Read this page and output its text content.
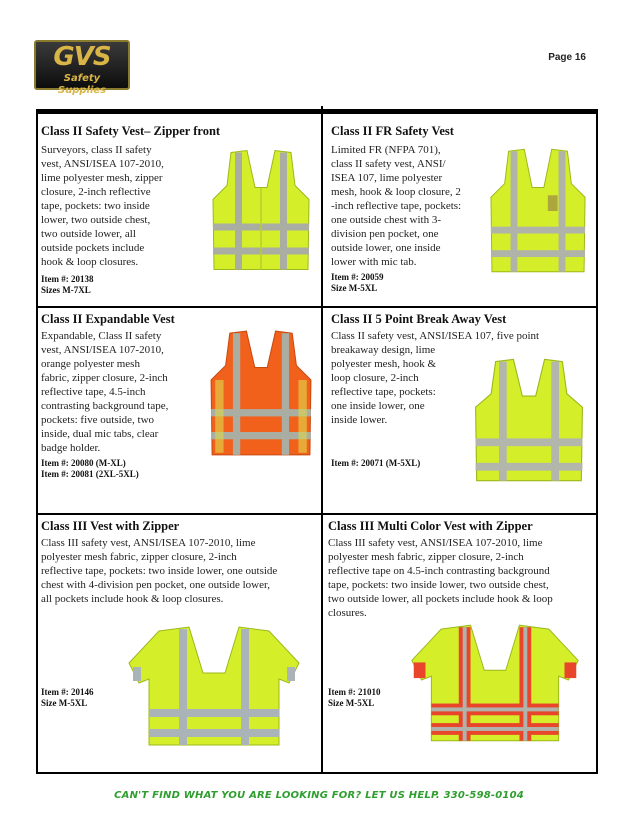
GVS
Safety Supplies
Page 16
Class II Safety Vest– Zipper front
Surveyors, class II safety
vest, ANSI/ISEA 107-2010,
lime polyester mesh, zipper
closure, 2-inch reflective
tape, pockets: two inside
lower, two outside chest,
two outside lower, all
outside pockets include
hook & loop closures.
Item #: 20138
Sizes M-7XL
Class II FR Safety Vest
Limited FR (NFPA 701),
class II safety vest, ANSI/
ISEA 107, lime polyester
mesh, hook & loop closure, 2
-inch reflective tape, pockets:
one outside chest with 3-
division pen pocket, one
outside lower, one inside
lower with mic tab.
Item #: 20059
Size M-5XL
Class II Expandable Vest
Expandable, Class II safety
vest, ANSI/ISEA 107-2010,
orange polyester mesh
fabric, zipper closure, 2-inch
reflective tape, 4.5-inch
contrasting background tape,
pockets: five outside, two
inside, dual mic tabs, clear
badge holder.
Item #: 20080 (M-XL)
Item #: 20081 (2XL-5XL)
Class II 5 Point Break Away Vest
Class II safety vest, ANSI/ISEA 107, five point
breakaway design, lime
polyester mesh, hook &
loop closure, 2-inch
reflective tape, pockets:
one inside lower, one
inside lower.
Item #: 20071 (M-5XL)
Class III Vest with Zipper
Class III safety vest, ANSI/ISEA 107-2010, lime
polyester mesh fabric, zipper closure, 2-inch
reflective tape, pockets: two inside lower, one outside
chest with 4-division pen pocket, one outside lower,
all pockets include hook & loop closures.
Item #: 20146
Size M-5XL
Class III Multi Color Vest with Zipper
Class III safety vest, ANSI/ISEA 107-2010, lime
polyester mesh fabric, zipper closure, 2-inch
reflective tape on 4.5-inch contrasting background
tape, pockets: two inside lower, two outside chest,
two outside lower, all pockets include hook & loop
closures.
Item #: 21010
Size M-5XL
CAN'T FIND WHAT YOU ARE LOOKING FOR? LET US HELP. 330-598-0104
